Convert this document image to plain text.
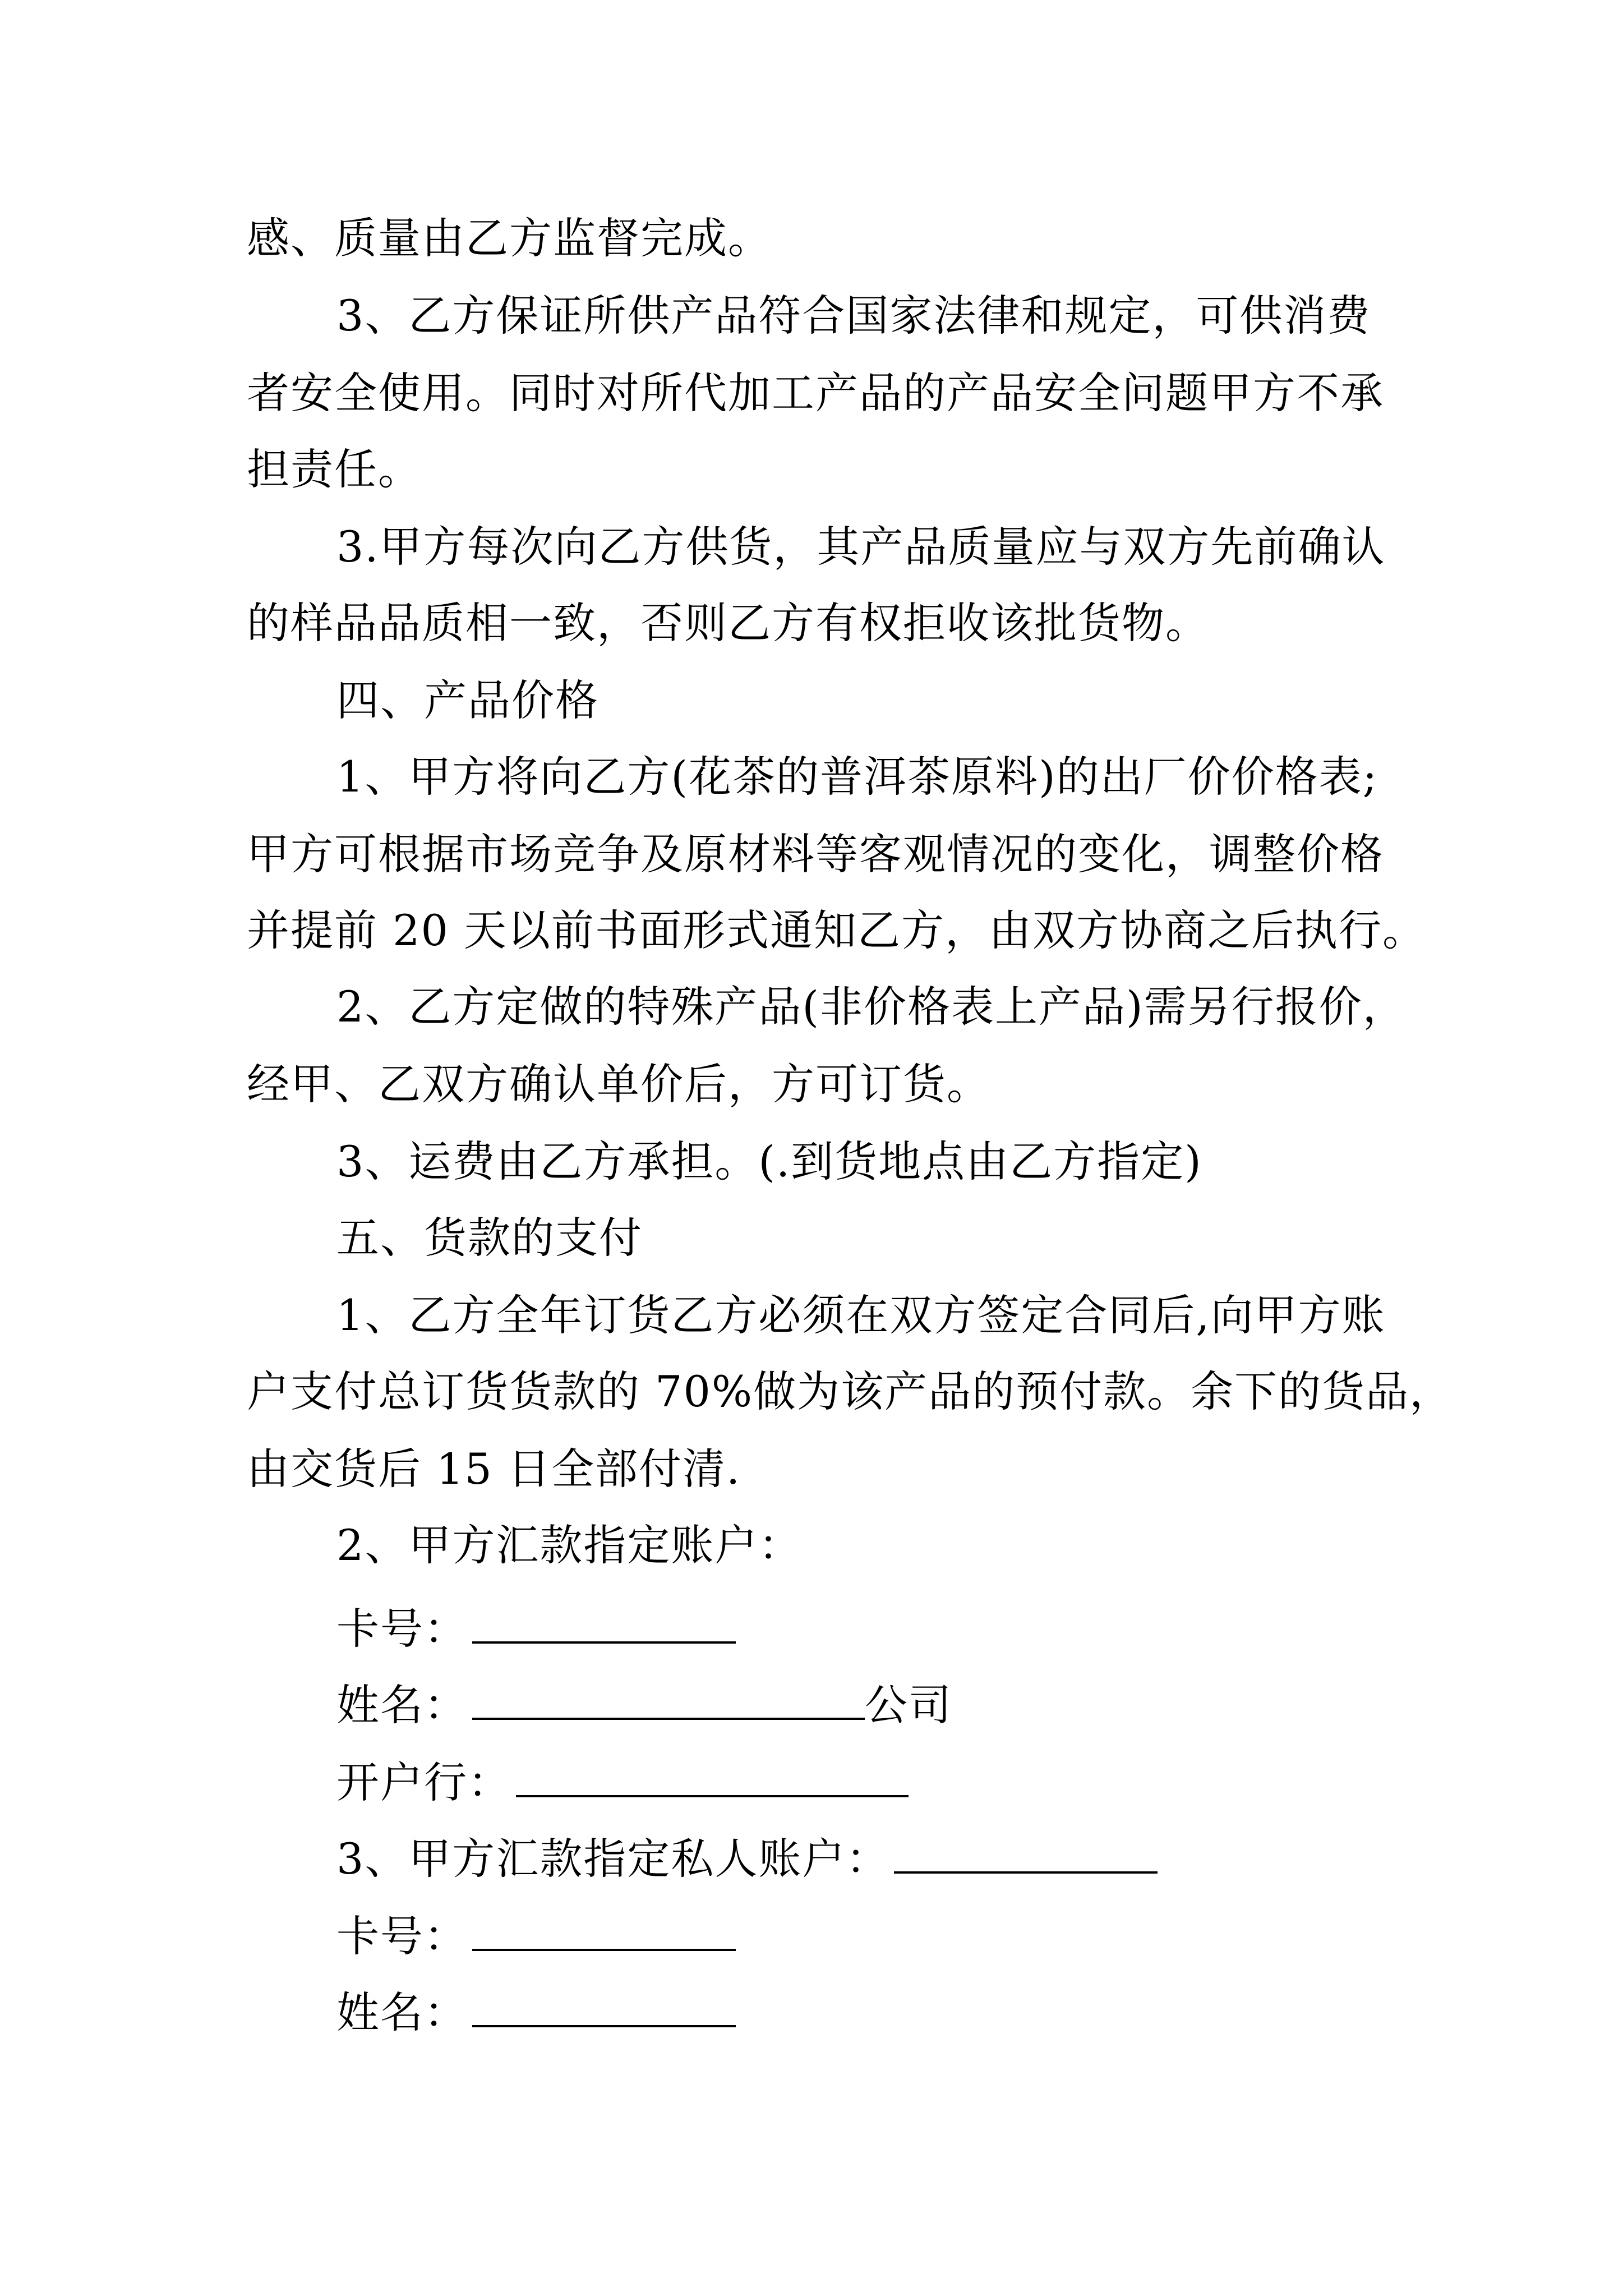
感、质量由乙方监督完成。
3、乙方保证所供产品符合国家法律和规定，可供消费
者安全使用。同时对所代加工产品的产品安全问题甲方不承
担责任。
3.甲方每次向乙方供货，其产品质量应与双方先前确认
的样品品质相一致，否则乙方有权拒收该批货物。
四、产品价格
1、甲方将向乙方(花茶的普洱茶原料)的出厂价价格表;
甲方可根据市场竞争及原材料等客观情况的变化，调整价格
并提前 20 天以前书面形式通知乙方，由双方协商之后执行。
2、乙方定做的特殊产品(非价格表上产品)需另行报价，
经甲、乙双方确认单价后，方可订货。
3、运费由乙方承担。(.到货地点由乙方指定)
五、货款的支付
1、乙方全年订货乙方必须在双方签定合同后,向甲方账
户支付总订货货款的 70%做为该产品的预付款。余下的货品，
由交货后 15 日全部付清.
2、甲方汇款指定账户：
卡号：
姓名：	公司
开户行：
3、甲方汇款指定私人账户：
卡号：
姓名：
